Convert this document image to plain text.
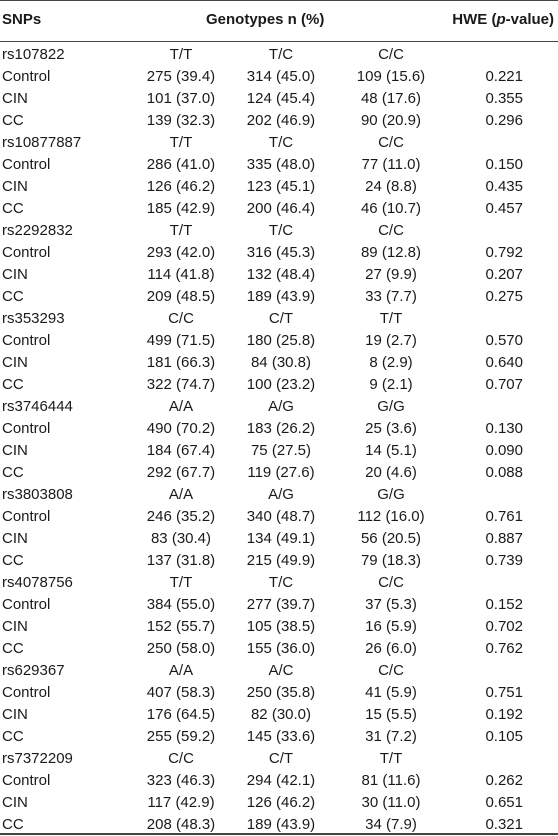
SNPs	Genotypes n (%)	HWE (p-value)
rs107822	T/T	T/C	C/C
Control	275 (39.4)	314 (45.0)	109 (15.6)	0.221
CIN	101 (37.0)	124 (45.4)	48 (17.6)	0.355
CC	139 (32.3)	202 (46.9)	90 (20.9)	0.296
rs10877887	T/T	T/C	C/C
Control	286 (41.0)	335 (48.0)	77 (11.0)	0.150
CIN	126 (46.2)	123 (45.1)	24 (8.8)	0.435
CC	185 (42.9)	200 (46.4)	46 (10.7)	0.457
rs2292832	T/T	T/C	C/C
Control	293 (42.0)	316 (45.3)	89 (12.8)	0.792
CIN	114 (41.8)	132 (48.4)	27 (9.9)	0.207
CC	209 (48.5)	189 (43.9)	33 (7.7)	0.275
rs353293	C/C	C/T	T/T
Control	499 (71.5)	180 (25.8)	19 (2.7)	0.570
CIN	181 (66.3)	84 (30.8)	8 (2.9)	0.640
CC	322 (74.7)	100 (23.2)	9 (2.1)	0.707
rs3746444	A/A	A/G	G/G
Control	490 (70.2)	183 (26.2)	25 (3.6)	0.130
CIN	184 (67.4)	75 (27.5)	14 (5.1)	0.090
CC	292 (67.7)	119 (27.6)	20 (4.6)	0.088
rs3803808	A/A	A/G	G/G
Control	246 (35.2)	340 (48.7)	112 (16.0)	0.761
CIN	83 (30.4)	134 (49.1)	56 (20.5)	0.887
CC	137 (31.8)	215 (49.9)	79 (18.3)	0.739
rs4078756	T/T	T/C	C/C
Control	384 (55.0)	277 (39.7)	37 (5.3)	0.152
CIN	152 (55.7)	105 (38.5)	16 (5.9)	0.702
CC	250 (58.0)	155 (36.0)	26 (6.0)	0.762
rs629367	A/A	A/C	C/C
Control	407 (58.3)	250 (35.8)	41 (5.9)	0.751
CIN	176 (64.5)	82 (30.0)	15 (5.5)	0.192
CC	255 (59.2)	145 (33.6)	31 (7.2)	0.105
rs7372209	C/C	C/T	T/T
Control	323 (46.3)	294 (42.1)	81 (11.6)	0.262
CIN	117 (42.9)	126 (46.2)	30 (11.0)	0.651
CC	208 (48.3)	189 (43.9)	34 (7.9)	0.321
